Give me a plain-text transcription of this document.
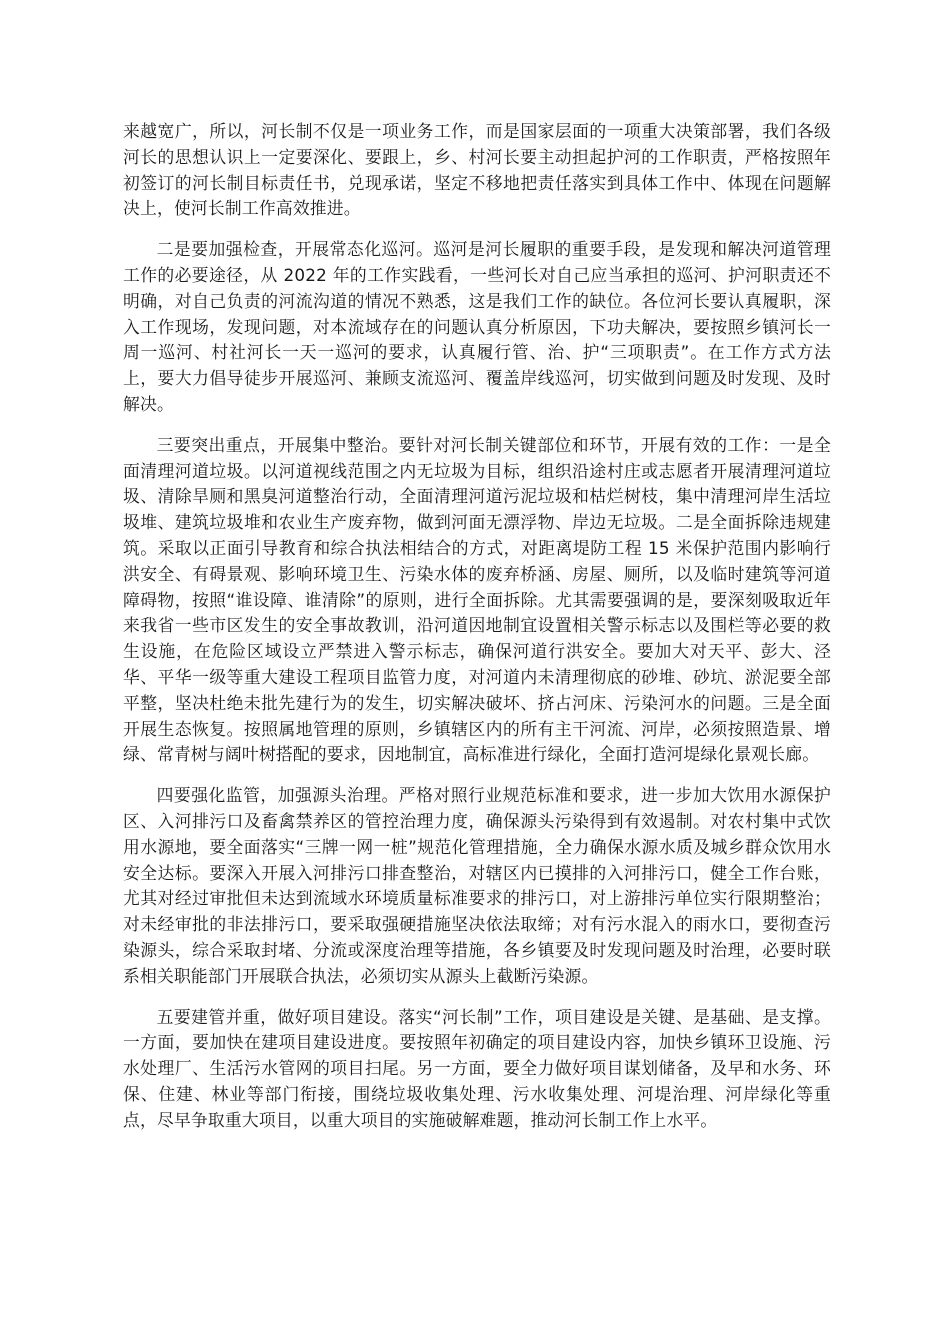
来越宽广，所以，河长制不仅是一项业务工作，而是国家层面的一项重大决策部署，我们各级河长的思想认识上一定要深化、要跟上，乡、村河长要主动担起护河的工作职责，严格按照年初签订的河长制目标责任书，兑现承诺，坚定不移地把责任落实到具体工作中、体现在问题解决上，使河长制工作高效推进。

二是要加强检查，开展常态化巡河。巡河是河长履职的重要手段，是发现和解决河道管理工作的必要途径，从 2022 年的工作实践看，一些河长对自己应当承担的巡河、护河职责还不明确，对自己负责的河流沟道的情况不熟悉，这是我们工作的缺位。各位河长要认真履职，深入工作现场，发现问题，对本流域存在的问题认真分析原因，下功夫解决，要按照乡镇河长一周一巡河、村社河长一天一巡河的要求，认真履行管、治、护“三项职责”。在工作方式方法上，要大力倡导徒步开展巡河、兼顾支流巡河、覆盖岸线巡河，切实做到问题及时发现、及时解决。

三要突出重点，开展集中整治。要针对河长制关键部位和环节，开展有效的工作：一是全面清理河道垃圾。以河道视线范围之内无垃圾为目标，组织沿途村庄或志愿者开展清理河道垃圾、清除旱厕和黑臭河道整治行动，全面清理河道污泥垃圾和枯烂树枝，集中清理河岸生活垃圾堆、建筑垃圾堆和农业生产废弃物，做到河面无漂浮物、岸边无垃圾。二是全面拆除违规建筑。采取以正面引导教育和综合执法相结合的方式，对距离堤防工程 15 米保护范围内影响行洪安全、有碍景观、影响环境卫生、污染水体的废弃桥涵、房屋、厕所，以及临时建筑等河道障碍物，按照“谁设障、谁清除”的原则，进行全面拆除。尤其需要强调的是，要深刻吸取近年来我省一些市区发生的安全事故教训，沿河道因地制宜设置相关警示标志以及围栏等必要的救生设施，在危险区域设立严禁进入警示标志，确保河道行洪安全。要加大对天平、彭大、泾华、平华一级等重大建设工程项目监管力度，对河道内未清理彻底的砂堆、砂坑、淤泥要全部平整，坚决杜绝未批先建行为的发生，切实解决破坏、挤占河床、污染河水的问题。三是全面开展生态恢复。按照属地管理的原则，乡镇辖区内的所有主干河流、河岸，必须按照造景、增绿、常青树与阔叶树搭配的要求，因地制宜，高标准进行绿化，全面打造河堤绿化景观长廊。

四要强化监管，加强源头治理。严格对照行业规范标准和要求，进一步加大饮用水源保护区、入河排污口及畜禽禁养区的管控治理力度，确保源头污染得到有效遏制。对农村集中式饮用水源地，要全面落实“三牌一网一桩”规范化管理措施，全力确保水源水质及城乡群众饮用水安全达标。要深入开展入河排污口排查整治，对辖区内已摸排的入河排污口，健全工作台账，尤其对经过审批但未达到流域水环境质量标准要求的排污口，对上游排污单位实行限期整治；对未经审批的非法排污口，要采取强硬措施坚决依法取缔；对有污水混入的雨水口，要彻查污染源头，综合采取封堵、分流或深度治理等措施，各乡镇要及时发现问题及时治理，必要时联系相关职能部门开展联合执法，必须切实从源头上截断污染源。

五要建管并重，做好项目建设。落实“河长制”工作，项目建设是关键、是基础、是支撑。一方面，要加快在建项目建设进度。要按照年初确定的项目建设内容，加快乡镇环卫设施、污水处理厂、生活污水管网的项目扫尾。另一方面，要全力做好项目谋划储备，及早和水务、环保、住建、林业等部门衔接，围绕垃圾收集处理、污水收集处理、河堤治理、河岸绿化等重点，尽早争取重大项目，以重大项目的实施破解难题，推动河长制工作上水平。
